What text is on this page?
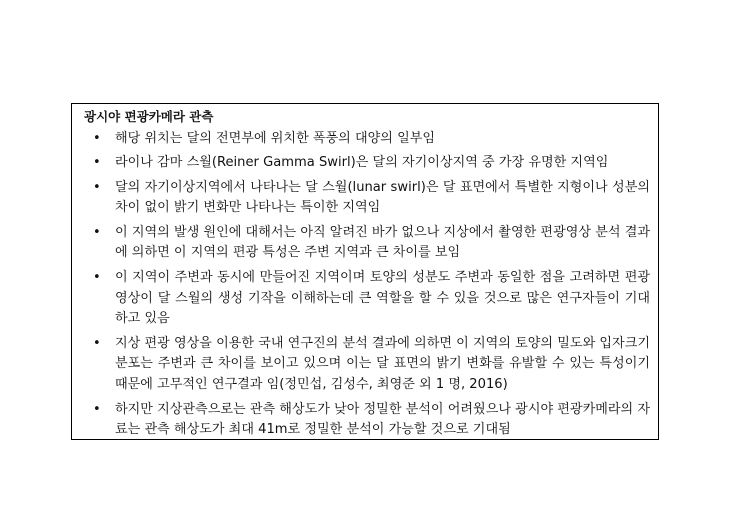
광시야 편광카메라 관측
• 해당 위치는 달의 전면부에 위치한 폭풍의 대양의 일부임
• 라이나 감마 스월(Reiner Gamma Swirl)은 달의 자기이상지역 중 가장 유명한 지역임
• 달의 자기이상지역에서 나타나는 달 스월(lunar swirl)은 달 표면에서 특별한 지형이나 성분의 차이 없이 밝기 변화만 나타나는 특이한 지역임
• 이 지역의 발생 원인에 대해서는 아직 알려진 바가 없으나 지상에서 촬영한 편광영상 분석 결과에 의하면 이 지역의 편광 특성은 주변 지역과 큰 차이를 보임
• 이 지역이 주변과 동시에 만들어진 지역이며 토양의 성분도 주변과 동일한 점을 고려하면 편광영상이 달 스월의 생성 기작을 이해하는데 큰 역할을 할 수 있을 것으로 많은 연구자들이 기대하고 있음
• 지상 편광 영상을 이용한 국내 연구진의 분석 결과에 의하면 이 지역의 토양의 밀도와 입자크기 분포는 주변과 큰 차이를 보이고 있으며 이는 달 표면의 밝기 변화를 유발할 수 있는 특성이기 때문에 고무적인 연구결과 임(정민섭, 김성수, 최영준 외 1 명, 2016)
• 하지만 지상관측으로는 관측 해상도가 낮아 정밀한 분석이 어려웠으나 광시야 편광카메라의 자료는 관측 해상도가 최대 41m로 정밀한 분석이 가능할 것으로 기대됨
